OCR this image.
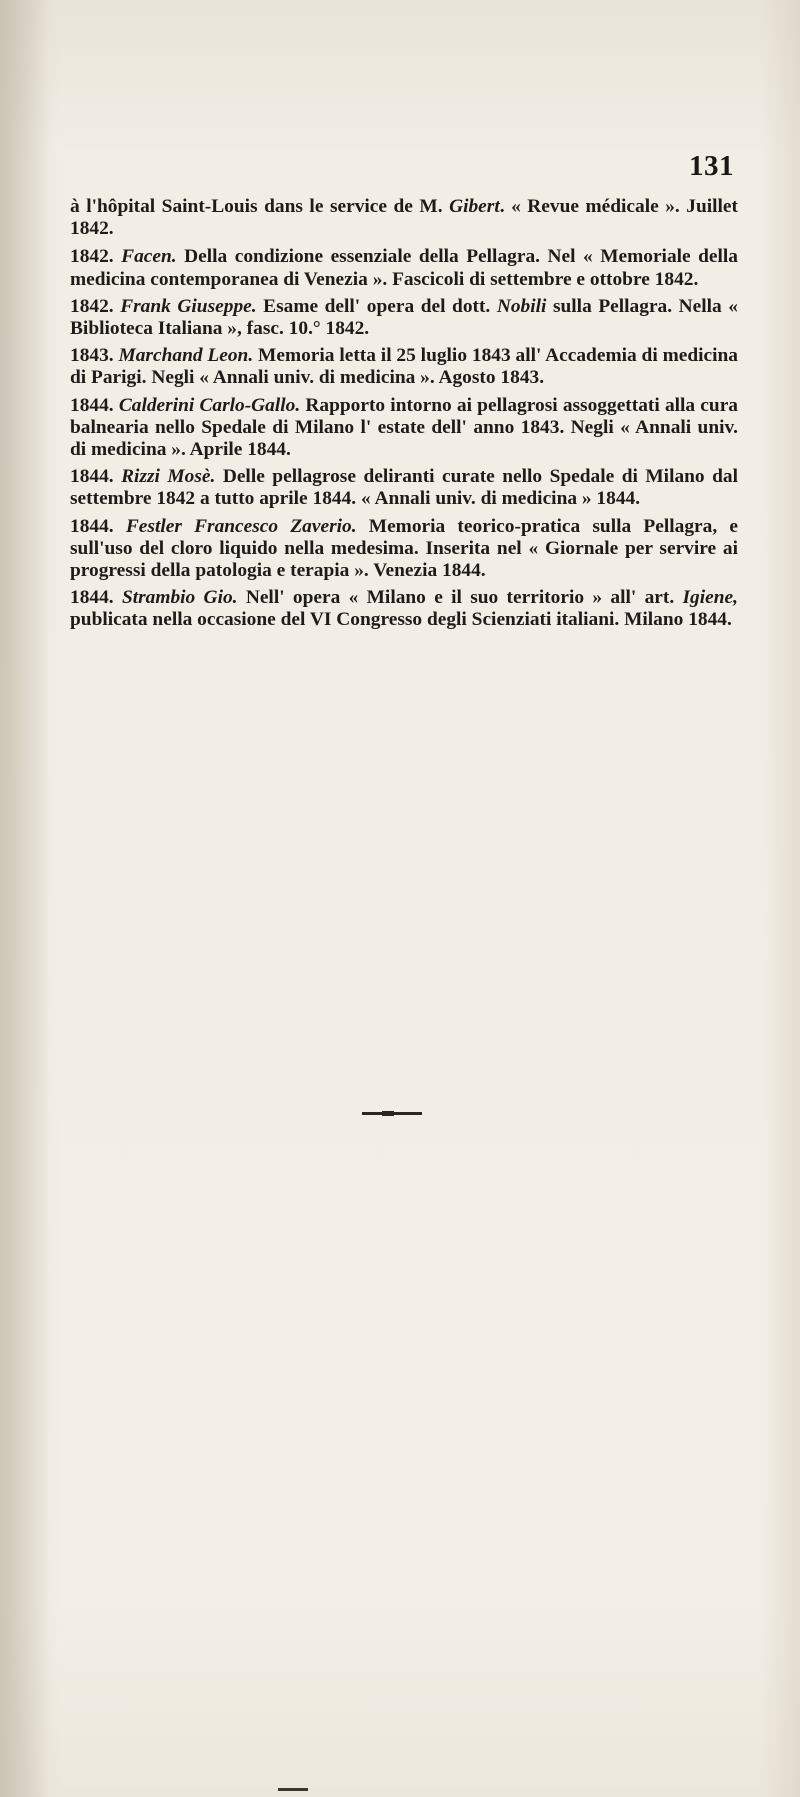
131

à l'hôpital Saint-Louis dans le service de M. Gibert. « Revue médicale ». Juillet 1842.

1842. Facen. Della condizione essenziale della Pellagra. Nel « Memoriale della medicina contemporanea di Venezia ». Fascicoli di settembre e ottobre 1842.

1842. Frank Giuseppe. Esame dell' opera del dott. Nobili sulla Pellagra. Nella « Biblioteca Italiana », fasc. 10.° 1842.

1843. Marchand Leon. Memoria letta il 25 luglio 1843 all' Accademia di medicina di Parigi. Negli « Annali univ. di medicina ». Agosto 1843.

1844. Calderini Carlo-Gallo. Rapporto intorno ai pellagrosi assoggettati alla cura balnearia nello Spedale di Milano l' estate dell' anno 1843. Negli « Annali univ. di medicina ». Aprile 1844.

1844. Rizzi Mosè. Delle pellagrose deliranti curate nello Spedale di Milano dal settembre 1842 a tutto aprile 1844. « Annali univ. di medicina » 1844.

1844. Festler Francesco Zaverio. Memoria teorico-pratica sulla Pellagra, e sull'uso del cloro liquido nella medesima. Inserita nel « Giornale per servire ai progressi della patologia e terapia ». Venezia 1844.

1844. Strambio Gio. Nell' opera « Milano e il suo territorio » all' art. Igiene, publicata nella occasione del VI Congresso degli Scienziati italiani. Milano 1844.
